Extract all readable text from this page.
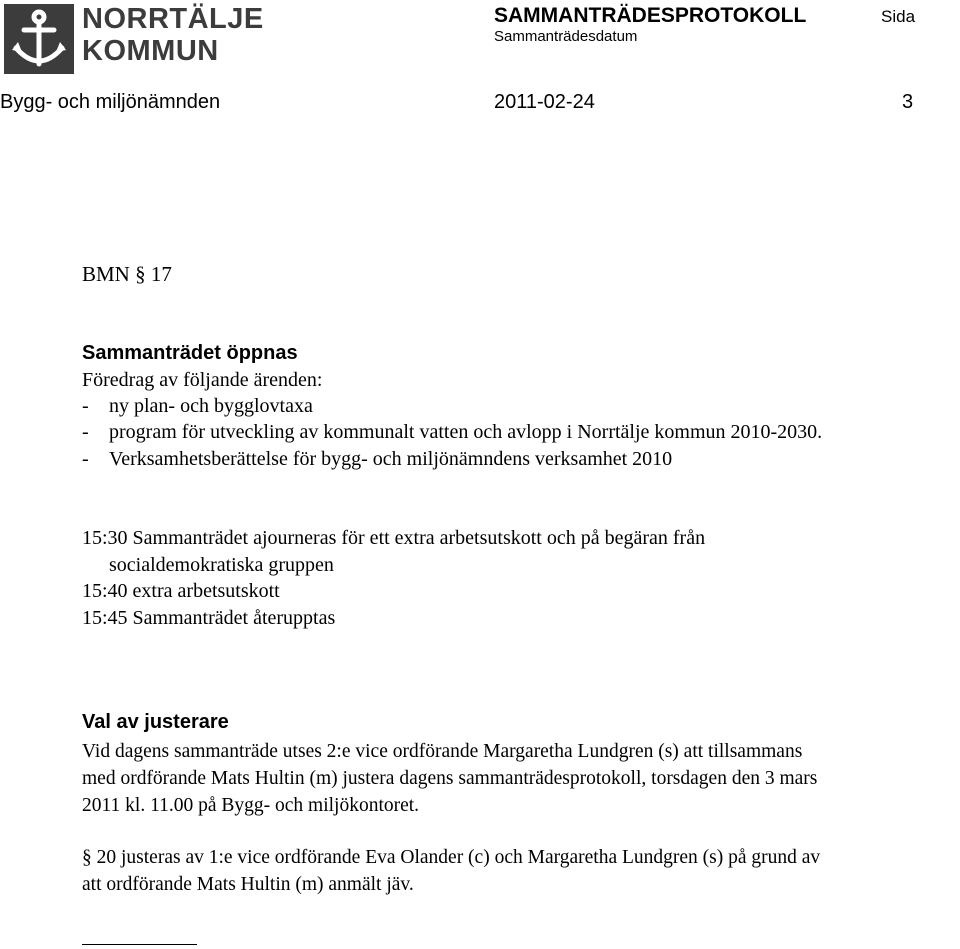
NORRTÄLJE
KOMMUN
SAMMANTRÄDESPROTOKOLL
Sammanträdesdatum
Sida
Bygg- och miljönämnden	2011-02-24	3
BMN § 17
Sammanträdet öppnas
Föredrag av följande ärenden:
- ny plan- och bygglovtaxa
- program för utveckling av kommunalt vatten och avlopp i Norrtälje kommun 2010-2030.
- Verksamhetsberättelse för bygg- och miljönämndens verksamhet 2010
15:30 Sammanträdet ajourneras för ett extra arbetsutskott och på begäran från
socialdemokratiska gruppen
15:40 extra arbetsutskott
15:45 Sammanträdet återupptas
Val av justerare
Vid dagens sammanträde utses 2:e vice ordförande Margaretha Lundgren (s) att tillsammans
med ordförande Mats Hultin (m) justera dagens sammanträdesprotokoll, torsdagen den 3 mars
2011 kl. 11.00 på Bygg- och miljökontoret.
§ 20 justeras av 1:e vice ordförande Eva Olander (c) och Margaretha Lundgren (s) på grund av
att ordförande Mats Hultin (m) anmält jäv.
